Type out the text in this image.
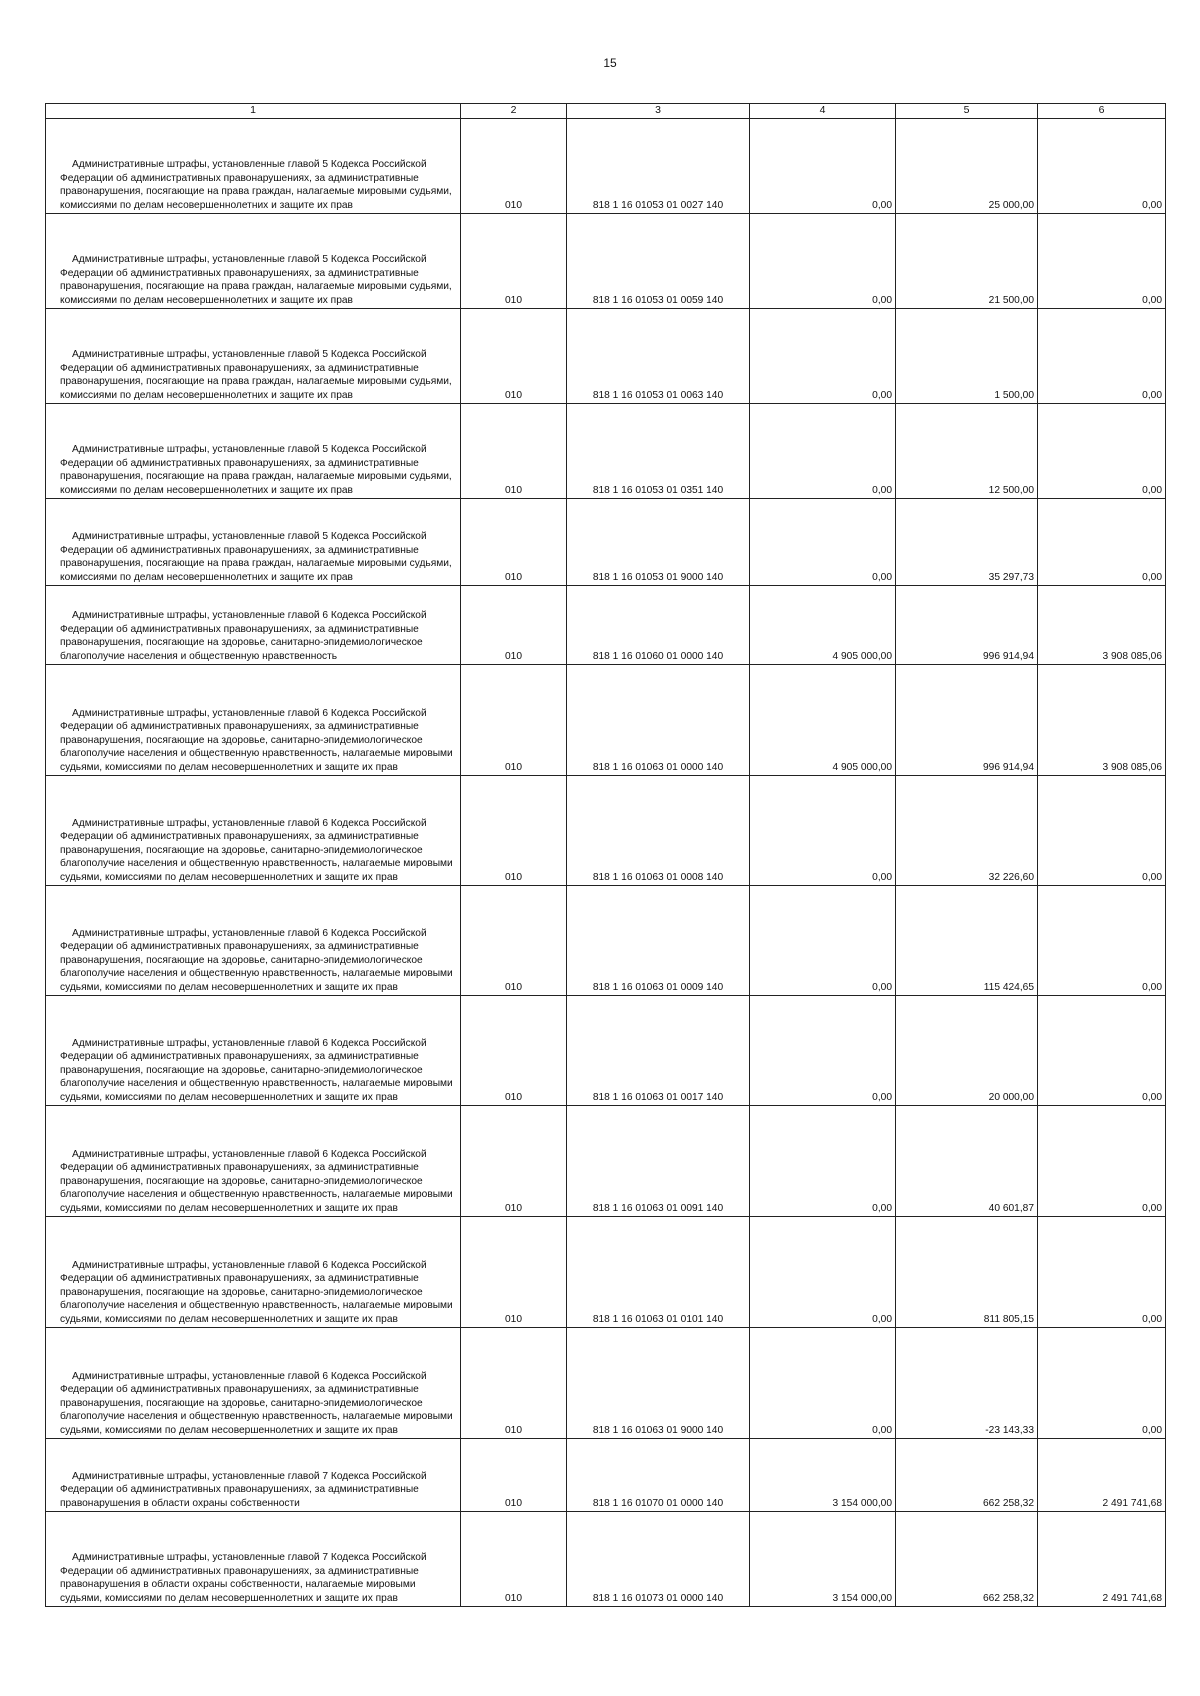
15
1	2	3	4	5	6
Административные штрафы, установленные главой 5 Кодекса Российской Федерации об административных правонарушениях, за административные правонарушения, посягающие на права граждан, налагаемые мировыми судьями, комиссиями по делам несовершеннолетних и защите их прав	010	818 1 16 01053 01 0027 140	0,00	25 000,00	0,00
Административные штрафы, установленные главой 5 Кодекса Российской Федерации об административных правонарушениях, за административные правонарушения, посягающие на права граждан, налагаемые мировыми судьями, комиссиями по делам несовершеннолетних и защите их прав	010	818 1 16 01053 01 0059 140	0,00	21 500,00	0,00
Административные штрафы, установленные главой 5 Кодекса Российской Федерации об административных правонарушениях, за административные правонарушения, посягающие на права граждан, налагаемые мировыми судьями, комиссиями по делам несовершеннолетних и защите их прав	010	818 1 16 01053 01 0063 140	0,00	1 500,00	0,00
Административные штрафы, установленные главой 5 Кодекса Российской Федерации об административных правонарушениях, за административные правонарушения, посягающие на права граждан, налагаемые мировыми судьями, комиссиями по делам несовершеннолетних и защите их прав	010	818 1 16 01053 01 0351 140	0,00	12 500,00	0,00
Административные штрафы, установленные главой 5 Кодекса Российской Федерации об административных правонарушениях, за административные правонарушения, посягающие на права граждан, налагаемые мировыми судьями, комиссиями по делам несовершеннолетних и защите их прав	010	818 1 16 01053 01 9000 140	0,00	35 297,73	0,00
Административные штрафы, установленные главой 6 Кодекса Российской Федерации об административных правонарушениях, за административные правонарушения, посягающие на здоровье, санитарно-эпидемиологическое благополучие населения и общественную нравственность	010	818 1 16 01060 01 0000 140	4 905 000,00	996 914,94	3 908 085,06
Административные штрафы, установленные главой 6 Кодекса Российской Федерации об административных правонарушениях, за административные правонарушения, посягающие на здоровье, санитарно-эпидемиологическое благополучие населения и общественную нравственность, налагаемые мировыми судьями, комиссиями по делам несовершеннолетних и защите их прав	010	818 1 16 01063 01 0000 140	4 905 000,00	996 914,94	3 908 085,06
Административные штрафы, установленные главой 6 Кодекса Российской Федерации об административных правонарушениях, за административные правонарушения, посягающие на здоровье, санитарно-эпидемиологическое благополучие населения и общественную нравственность, налагаемые мировыми судьями, комиссиями по делам несовершеннолетних и защите их прав	010	818 1 16 01063 01 0008 140	0,00	32 226,60	0,00
Административные штрафы, установленные главой 6 Кодекса Российской Федерации об административных правонарушениях, за административные правонарушения, посягающие на здоровье, санитарно-эпидемиологическое благополучие населения и общественную нравственность, налагаемые мировыми судьями, комиссиями по делам несовершеннолетних и защите их прав	010	818 1 16 01063 01 0009 140	0,00	115 424,65	0,00
Административные штрафы, установленные главой 6 Кодекса Российской Федерации об административных правонарушениях, за административные правонарушения, посягающие на здоровье, санитарно-эпидемиологическое благополучие населения и общественную нравственность, налагаемые мировыми судьями, комиссиями по делам несовершеннолетних и защите их прав	010	818 1 16 01063 01 0017 140	0,00	20 000,00	0,00
Административные штрафы, установленные главой 6 Кодекса Российской Федерации об административных правонарушениях, за административные правонарушения, посягающие на здоровье, санитарно-эпидемиологическое благополучие населения и общественную нравственность, налагаемые мировыми судьями, комиссиями по делам несовершеннолетних и защите их прав	010	818 1 16 01063 01 0091 140	0,00	40 601,87	0,00
Административные штрафы, установленные главой 6 Кодекса Российской Федерации об административных правонарушениях, за административные правонарушения, посягающие на здоровье, санитарно-эпидемиологическое благополучие населения и общественную нравственность, налагаемые мировыми судьями, комиссиями по делам несовершеннолетних и защите их прав	010	818 1 16 01063 01 0101 140	0,00	811 805,15	0,00
Административные штрафы, установленные главой 6 Кодекса Российской Федерации об административных правонарушениях, за административные правонарушения, посягающие на здоровье, санитарно-эпидемиологическое благополучие населения и общественную нравственность, налагаемые мировыми судьями, комиссиями по делам несовершеннолетних и защите их прав	010	818 1 16 01063 01 9000 140	0,00	-23 143,33	0,00
Административные штрафы, установленные главой 7 Кодекса Российской Федерации об административных правонарушениях, за административные правонарушения в области охраны собственности	010	818 1 16 01070 01 0000 140	3 154 000,00	662 258,32	2 491 741,68
Административные штрафы, установленные главой 7 Кодекса Российской Федерации об административных правонарушениях, за административные правонарушения в области охраны собственности, налагаемые мировыми судьями, комиссиями по делам несовершеннолетних и защите их прав	010	818 1 16 01073 01 0000 140	3 154 000,00	662 258,32	2 491 741,68
